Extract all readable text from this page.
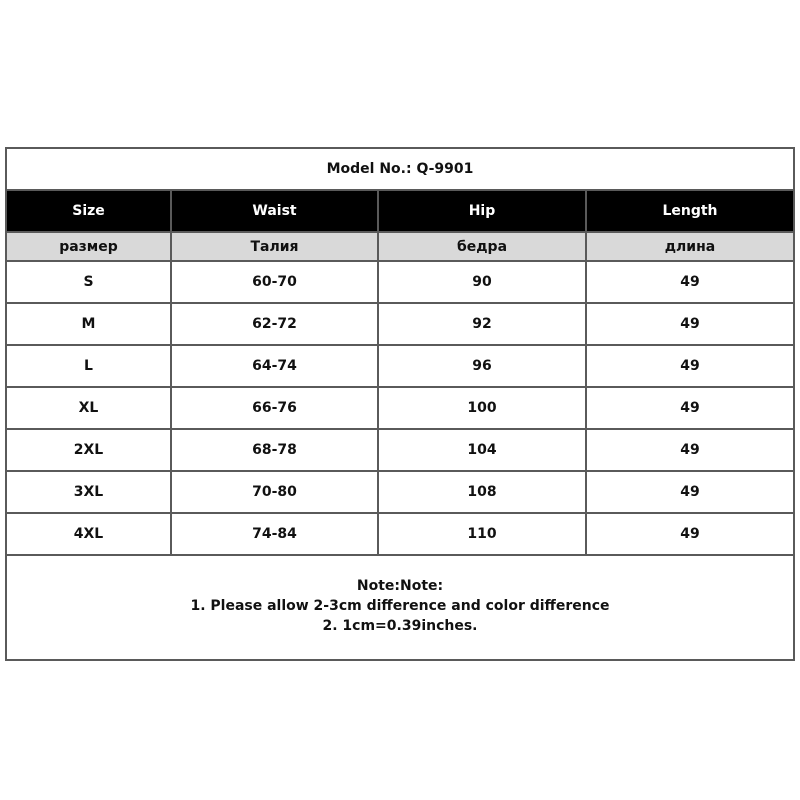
Model No.: Q-9901			
Size	Waist	Hip	Length
размер	Талия	бедра	длина
S	60-70	90	49
M	62-72	92	49
L	64-74	96	49
XL	66-76	100	49
2XL	68-78	104	49
3XL	70-80	108	49
4XL	74-84	110	49

Note:Note:
1. Please allow 2-3cm difference and color difference
2. 1cm=0.39inches.			
